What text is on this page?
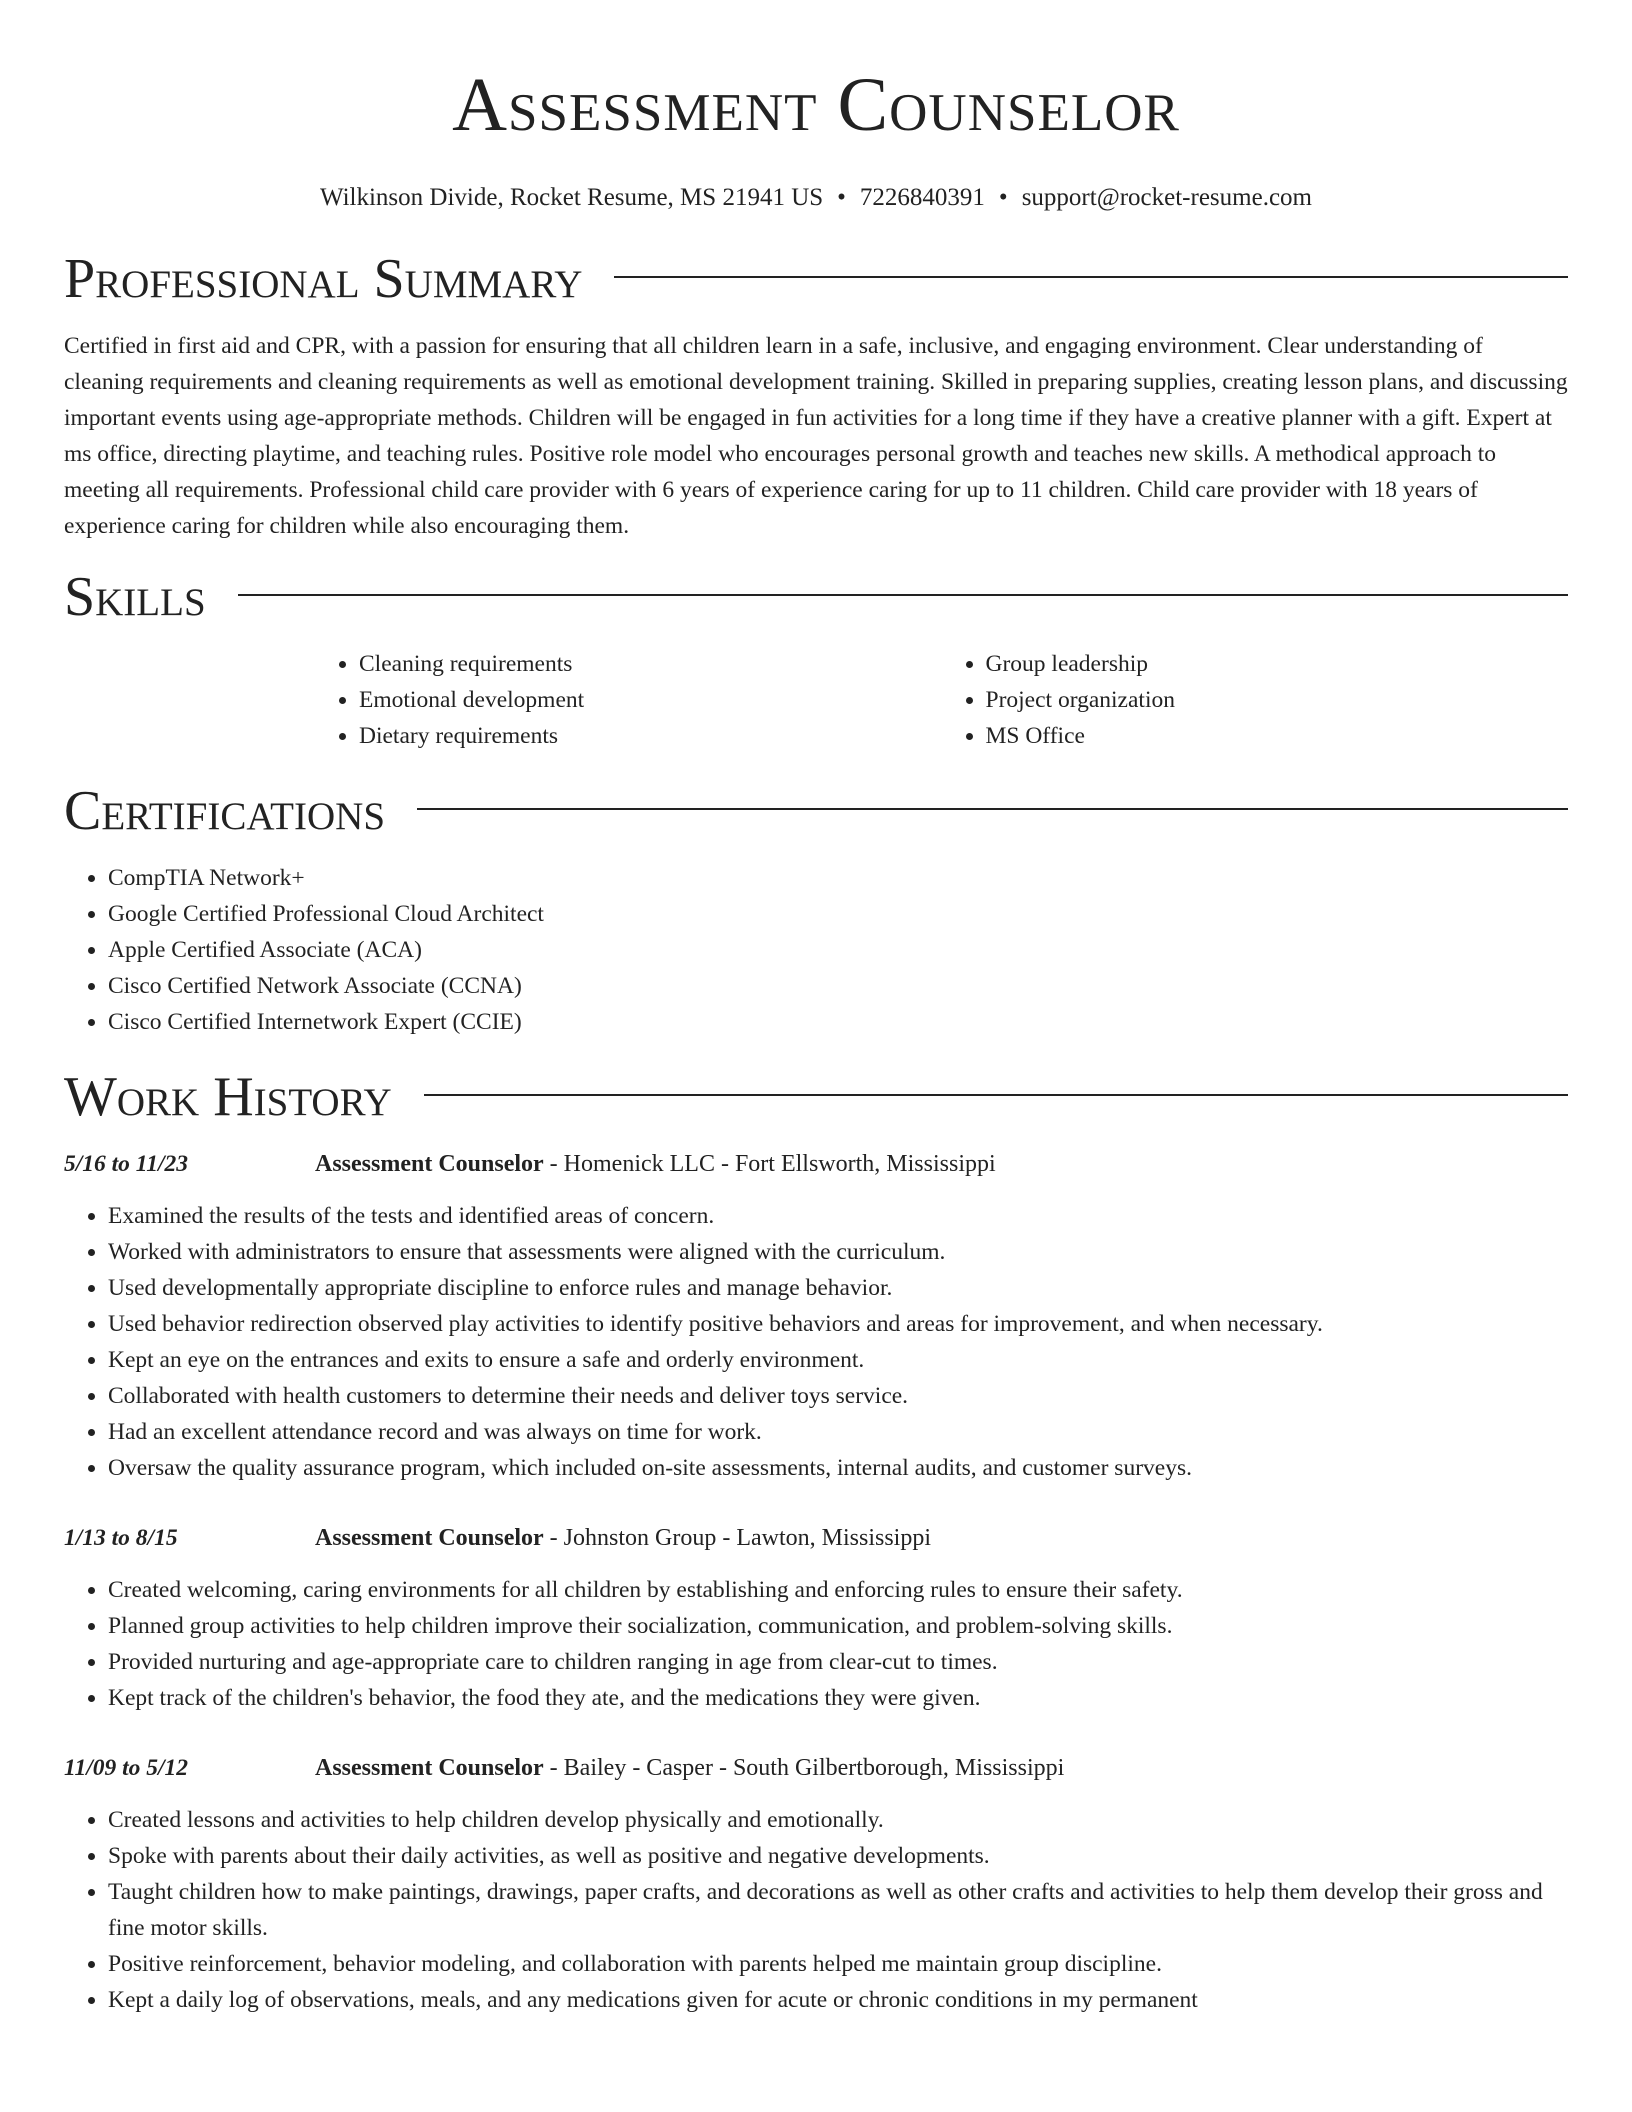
Assessment Counselor
Wilkinson Divide, Rocket Resume, MS 21941 US • 7226840391 • support@rocket-resume.com
Professional Summary

Certified in first aid and CPR, with a passion for ensuring that all children learn in a safe, inclusive, and engaging environment. Clear understanding of cleaning requirements and cleaning requirements as well as emotional development training. Skilled in preparing supplies, creating lesson plans, and discussing important events using age-appropriate methods. Children will be engaged in fun activities for a long time if they have a creative planner with a gift. Expert at ms office, directing playtime, and teaching rules. Positive role model who encourages personal growth and teaches new skills. A methodical approach to meeting all requirements. Professional child care provider with 6 years of experience caring for up to 11 children. Child care provider with 18 years of experience caring for children while also encouraging them.

Skills
• Cleaning requirements
• Emotional development
• Dietary requirements
• Group leadership
• Project organization
• MS Office
Certifications
• CompTIA Network+
• Google Certified Professional Cloud Architect
• Apple Certified Associate (ACA)
• Cisco Certified Network Associate (CCNA)
• Cisco Certified Internetwork Expert (CCIE)
Work History
5/16 to 11/23	Assessment Counselor - Homenick LLC - Fort Ellsworth, Mississippi
• Examined the results of the tests and identified areas of concern.
• Worked with administrators to ensure that assessments were aligned with the curriculum.
• Used developmentally appropriate discipline to enforce rules and manage behavior.
• Used behavior redirection observed play activities to identify positive behaviors and areas for improvement, and when necessary.
• Kept an eye on the entrances and exits to ensure a safe and orderly environment.
• Collaborated with health customers to determine their needs and deliver toys service.
• Had an excellent attendance record and was always on time for work.
• Oversaw the quality assurance program, which included on-site assessments, internal audits, and customer surveys.
1/13 to 8/15	Assessment Counselor - Johnston Group - Lawton, Mississippi
• Created welcoming, caring environments for all children by establishing and enforcing rules to ensure their safety.
• Planned group activities to help children improve their socialization, communication, and problem-solving skills.
• Provided nurturing and age-appropriate care to children ranging in age from clear-cut to times.
• Kept track of the children's behavior, the food they ate, and the medications they were given.
11/09 to 5/12	Assessment Counselor - Bailey - Casper - South Gilbertborough, Mississippi
• Created lessons and activities to help children develop physically and emotionally.
• Spoke with parents about their daily activities, as well as positive and negative developments.
• Taught children how to make paintings, drawings, paper crafts, and decorations as well as other crafts and activities to help them develop their gross and fine motor skills.
• Positive reinforcement, behavior modeling, and collaboration with parents helped me maintain group discipline.
• Kept a daily log of observations, meals, and any medications given for acute or chronic conditions in my permanent
